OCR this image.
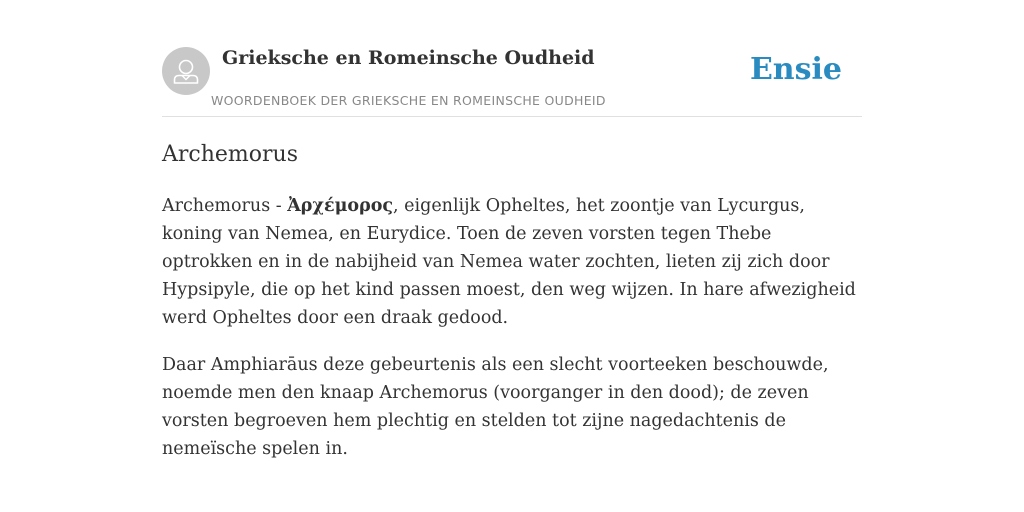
Grieksche en Romeinsche Oudheid
WOORDENBOEK DER GRIEKSCHE EN ROMEINSCHE OUDHEID
Ensie
Archemorus

Archemorus - Ἀρχέμορος, eigenlijk Opheltes, het zoontje van Lycurgus, koning van Nemea, en Eurydice. Toen de zeven vorsten tegen Thebe optrokken en in de nabijheid van Nemea water zochten, lieten zij zich door Hypsipyle, die op het kind passen moest, den weg wijzen. In hare afwezigheid werd Opheltes door een draak gedood.

Daar Amphiarāus deze gebeurtenis als een slecht voorteeken beschouwde, noemde men den knaap Archemorus (voorganger in den dood); de zeven vorsten begroeven hem plechtig en stelden tot zijne nagedachtenis de nemeïsche spelen in.
